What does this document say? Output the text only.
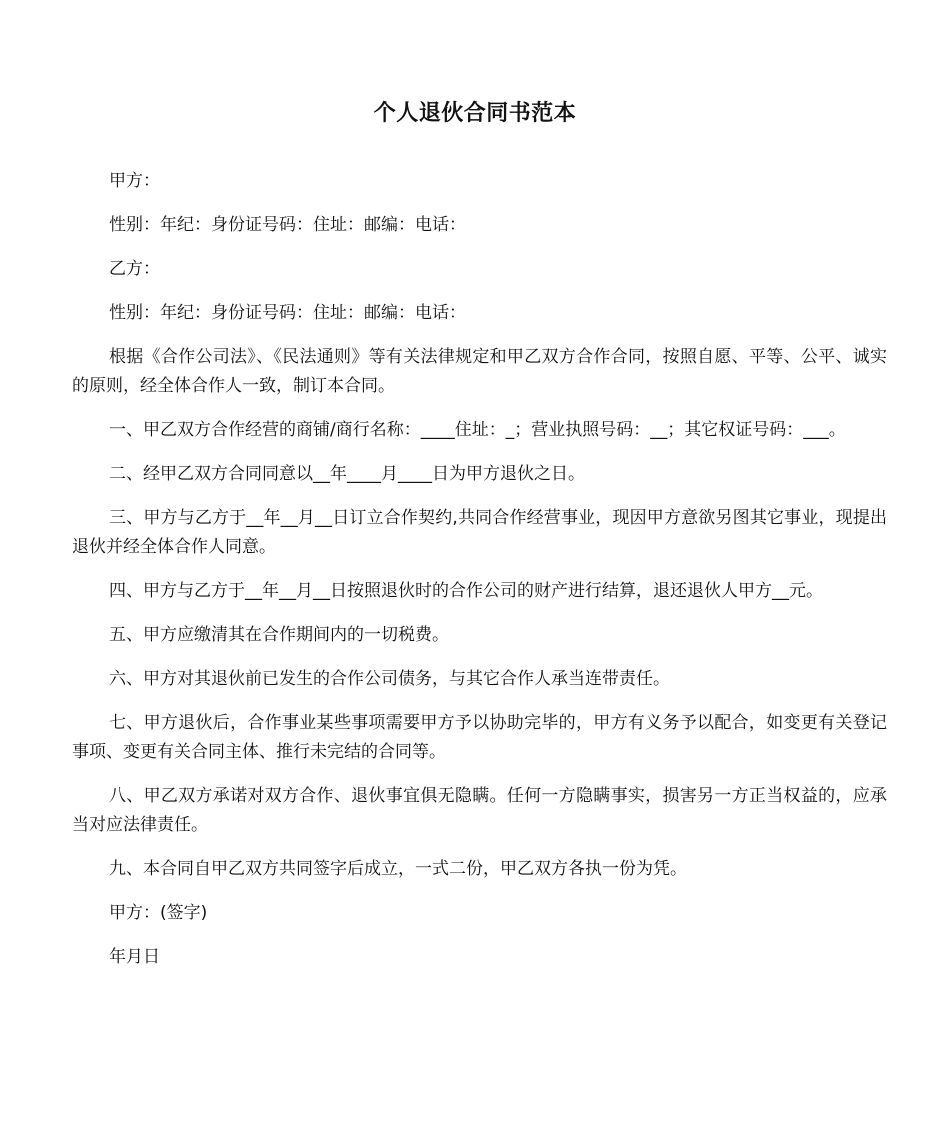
个人退伙合同书范本

甲方：

性别：年纪：身份证号码：住址：邮编：电话：

乙方：

性别：年纪：身份证号码：住址：邮编：电话：

根据《合作公司法》、《民法通则》等有关法律规定和甲乙双方合作合同，按照自愿、平等、公平、诚实的原则，经全体合作人一致，制订本合同。

一、甲乙双方合作经营的商铺/商行名称：____住址：_；营业执照号码：__；其它权证号码：___。

二、经甲乙双方合同同意以__年____月____日为甲方退伙之日。

三、甲方与乙方于__年__月__日订立合作契约,共同合作经营事业，现因甲方意欲另图其它事业，现提出退伙并经全体合作人同意。

四、甲方与乙方于__年__月__日按照退伙时的合作公司的财产进行结算，退还退伙人甲方__元。

五、甲方应缴清其在合作期间内的一切税费。

六、甲方对其退伙前已发生的合作公司债务，与其它合作人承当连带责任。

七、甲方退伙后，合作事业某些事项需要甲方予以协助完毕的，甲方有义务予以配合，如变更有关登记事项、变更有关合同主体、推行未完结的合同等。

八、甲乙双方承诺对双方合作、退伙事宜俱无隐瞒。任何一方隐瞒事实，损害另一方正当权益的，应承当对应法律责任。

九、本合同自甲乙双方共同签字后成立，一式二份，甲乙双方各执一份为凭。

甲方：(签字)

年月日
